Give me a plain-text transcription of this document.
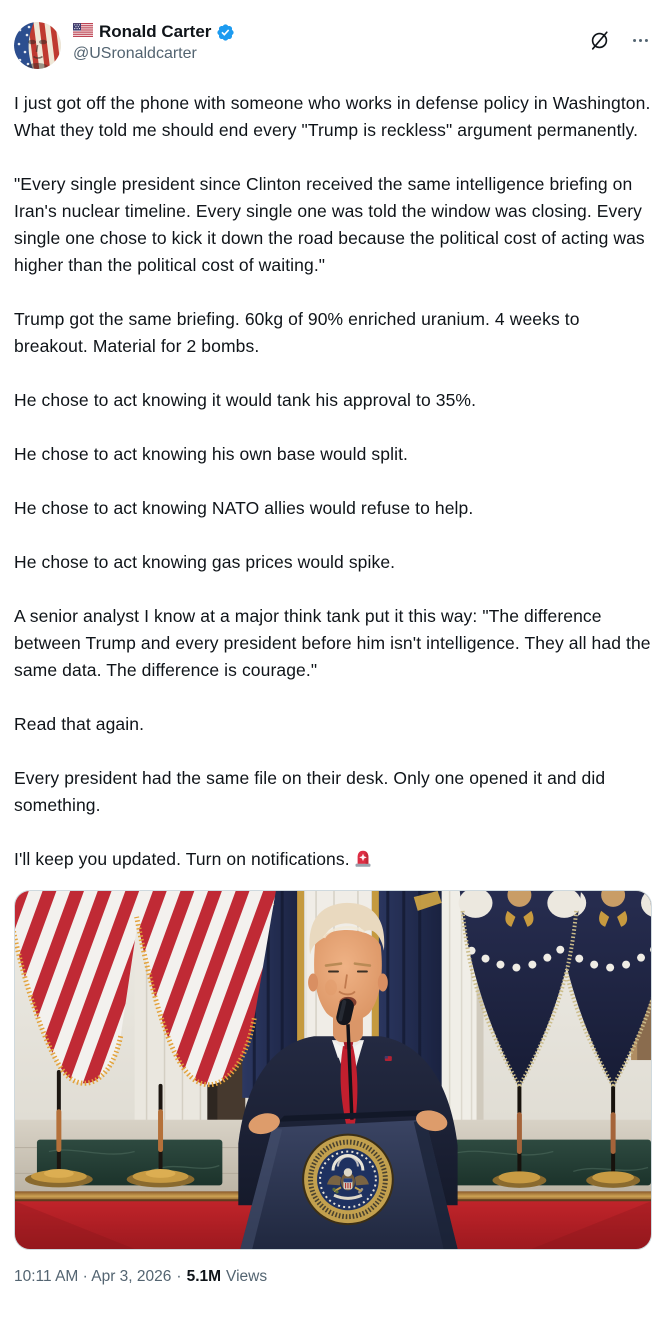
Ronald Carter
@USronaldcarter

I just got off the phone with someone who works in defense policy in Washington. What they told me should end every "Trump is reckless" argument permanently.

"Every single president since Clinton received the same intelligence briefing on Iran's nuclear timeline. Every single one was told the window was closing. Every single one chose to kick it down the road because the political cost of acting was higher than the political cost of waiting."

Trump got the same briefing. 60kg of 90% enriched uranium. 4 weeks to breakout. Material for 2 bombs.

He chose to act knowing it would tank his approval to 35%.

He chose to act knowing his own base would split.

He chose to act knowing NATO allies would refuse to help.

He chose to act knowing gas prices would spike.

A senior analyst I know at a major think tank put it this way: "The difference between Trump and every president before him isn't intelligence. They all had the same data. The difference is courage."

Read that again.

Every president had the same file on their desk. Only one opened it and did something.

I'll keep you updated. Turn on notifications.

10:11 AM · Apr 3, 2026 · 5.1M Views
